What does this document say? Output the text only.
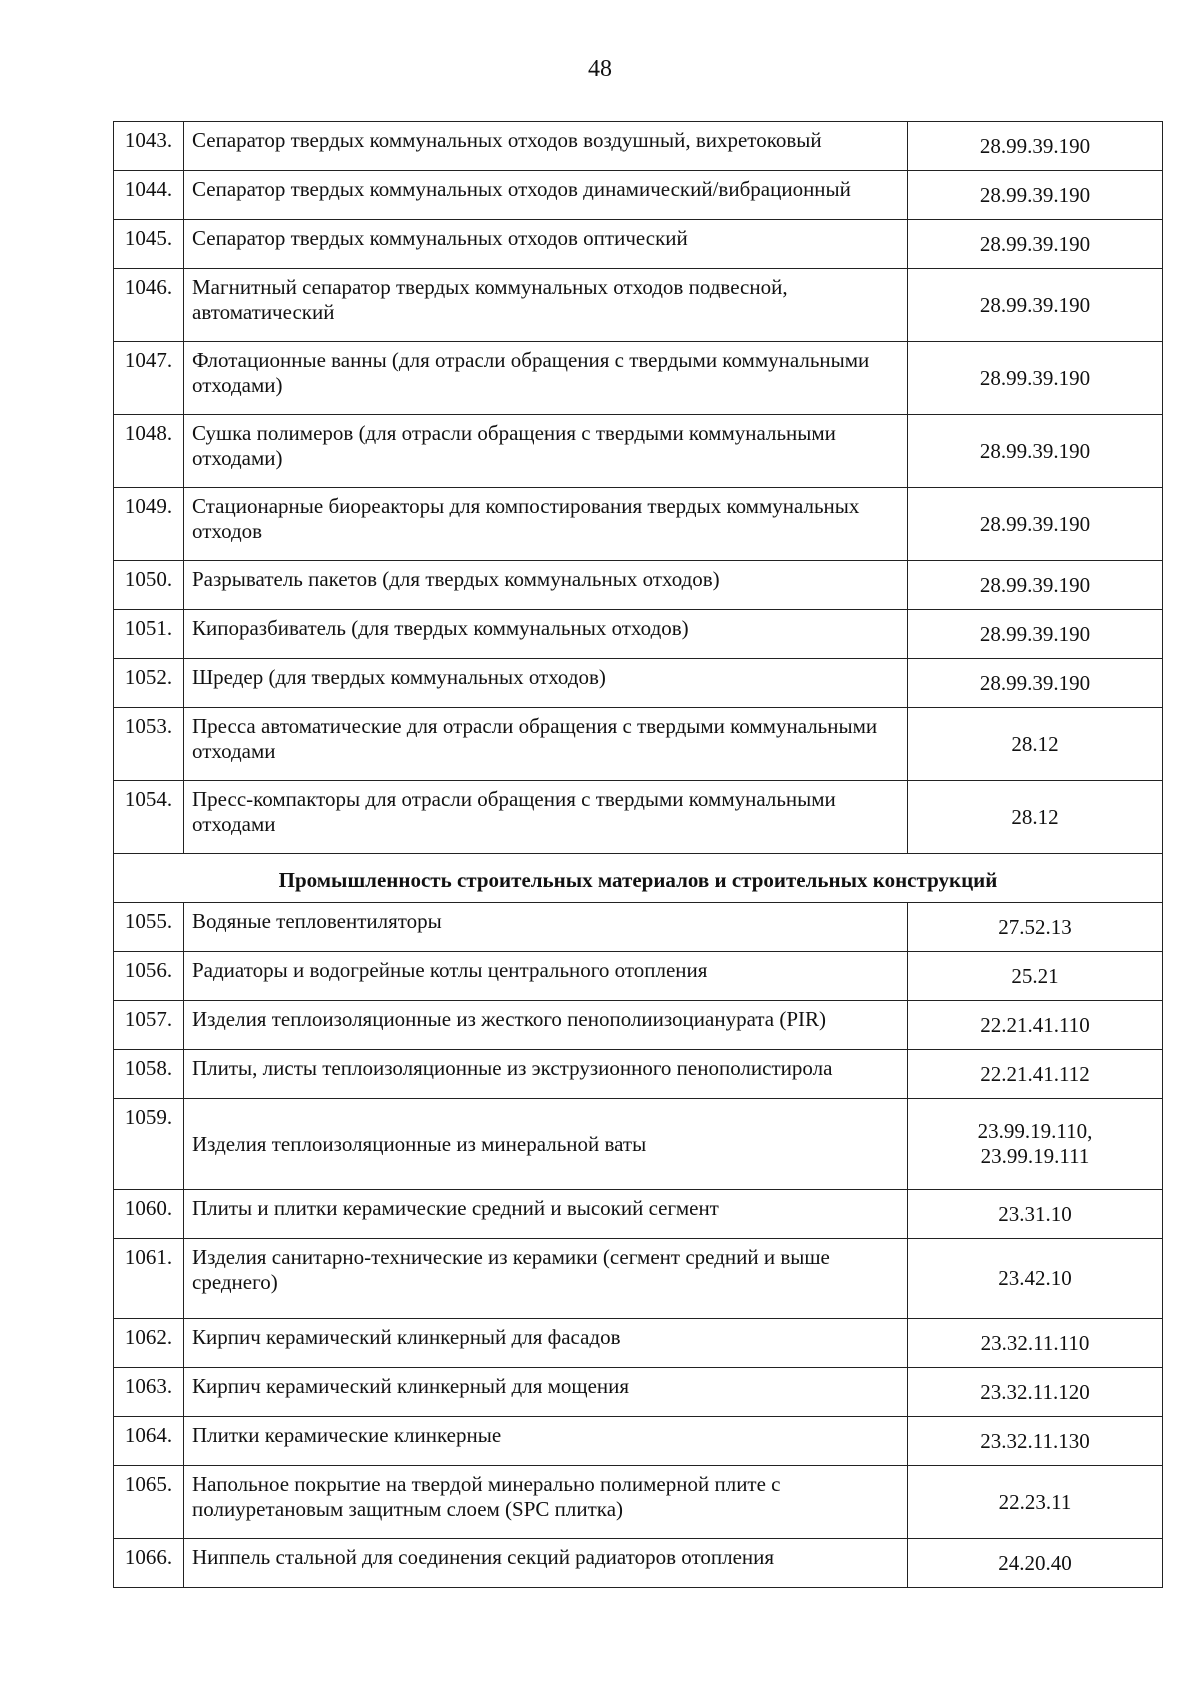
48
1043.	Сепаратор твердых коммунальных отходов воздушный, вихретоковый	28.99.39.190
1044.	Сепаратор твердых коммунальных отходов динамический/вибрационный	28.99.39.190
1045.	Сепаратор твердых коммунальных отходов оптический	28.99.39.190
1046.	Магнитный сепаратор твердых коммунальных отходов подвесной, автоматический	28.99.39.190
1047.	Флотационные ванны (для отрасли обращения с твердыми коммунальными отходами)	28.99.39.190
1048.	Сушка полимеров (для отрасли обращения с твердыми коммунальными отходами)	28.99.39.190
1049.	Стационарные биореакторы для компостирования твердых коммунальных отходов	28.99.39.190
1050.	Разрыватель пакетов (для твердых коммунальных отходов)	28.99.39.190
1051.	Кипоразбиватель (для твердых коммунальных отходов)	28.99.39.190
1052.	Шредер (для твердых коммунальных отходов)	28.99.39.190
1053.	Пресса автоматические для отрасли обращения с твердыми коммунальными отходами	28.12
1054.	Пресс-компакторы для отрасли обращения с твердыми коммунальными отходами	28.12
Промышленность строительных материалов и строительных конструкций		
1055.	Водяные тепловентиляторы	27.52.13
1056.	Радиаторы и водогрейные котлы центрального отопления	25.21
1057.	Изделия теплоизоляционные из жесткого пенополиизоцианурата (PIR)	22.21.41.110
1058.	Плиты, листы теплоизоляционные из экструзионного пенополистирола	22.21.41.112
1059.	Изделия теплоизоляционные из минеральной ваты	23.99.19.110,
23.99.19.111

1060.	Плиты и плитки керамические средний и высокий сегмент	23.31.10
1061.	Изделия санитарно-технические из керамики (сегмент средний и выше среднего)	23.42.10
1062.	Кирпич керамический клинкерный для фасадов	23.32.11.110
1063.	Кирпич керамический клинкерный для мощения	23.32.11.120
1064.	Плитки керамические клинкерные	23.32.11.130
1065.	Напольное покрытие на твердой минерально полимерной плите с полиуретановым защитным слоем (SPC плитка)	22.23.11
1066.	Ниппель стальной для соединения секций радиаторов отопления	24.20.40
